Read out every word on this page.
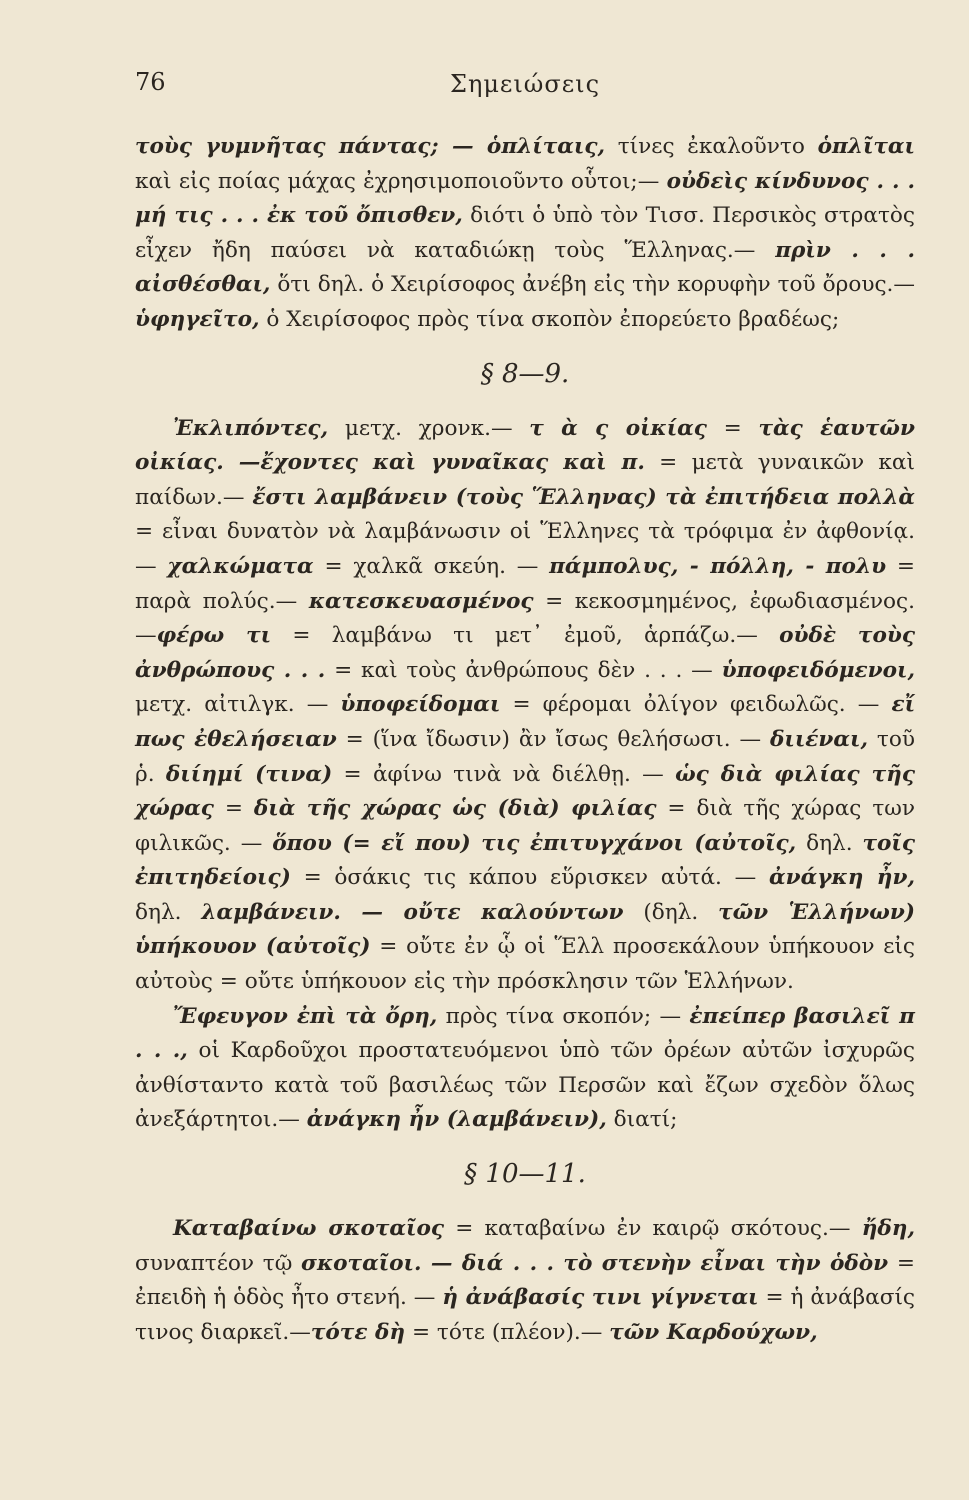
76	Σημειώσεις

τοὺς γυμνῆτας πάντας; — ὁπλίταις, τίνες ἐκαλοῦντο ὁπλῖται καὶ εἰς ποίας μάχας ἐχρησιμοποιοῦντο οὗτοι;— οὐδεὶς κίνδυνος . . . μή τις . . . ἐκ τοῦ ὄπισθεν, διότι ὁ ὑπὸ τὸν Τισσ. Περσικὸς στρατὸς εἶχεν ἤδη παύσει νὰ καταδιώκῃ τοὺς Ἕλληνας.— πρὶν . . . αἰσθέσθαι, ὅτι δηλ. ὁ Χειρίσοφος ἀνέβη εἰς τὴν κορυφὴν τοῦ ὄρους.— ὑφηγεῖτο, ὁ Χειρίσοφος πρὸς τίνα σκοπὸν ἐπορεύετο βραδέως;

§ 8—9.

Ἐκλιπόντες, μετχ. χρονκ.— τ ὰ ς οἰκίας = τὰς ἑαυτῶν οἰκίας. —ἔχοντες καὶ γυναῖκας καὶ π. = μετὰ γυναικῶν καὶ παίδων.— ἔστι λαμβάνειν (τοὺς Ἕλληνας) τὰ ἐπιτήδεια πολλὰ = εἶναι δυνατὸν νὰ λαμβάνωσιν οἱ Ἕλληνες τὰ τρόφιμα ἐν ἀφθονίᾳ.— χαλκώματα = χαλκᾶ σκεύη. — πάμπολυς, - πόλλη, - πολυ = παρὰ πολύς.— κατεσκευασμένος = κεκοσμημένος, ἐφωδιασμένος. —φέρω τι = λαμβάνω τι μετ᾽ ἐμοῦ, ἁρπάζω.— οὐδὲ τοὺς ἀνθρώπους . . . = καὶ τοὺς ἀνθρώπους δὲν . . . — ὑποφειδόμενοι, μετχ. αἰτιλγκ. — ὑποφείδομαι = φέρομαι ὀλίγον φειδωλῶς. — εἴ πως ἐθελήσειαν = (ἵνα ἴδωσιν) ἂν ἴσως θελήσωσι. — διιέναι, τοῦ ῥ. διίημί (τινα) = ἀφίνω τινὰ νὰ διέλθῃ. — ὡς διὰ φιλίας τῆς χώρας = διὰ τῆς χώρας ὡς (διὰ) φιλίας = διὰ τῆς χώρας των φιλικῶς. — ὅπου (= εἴ που) τις ἐπιτυγχάνοι (αὐτοῖς, δηλ. τοῖς ἐπιτηδείοις) = ὁσάκις τις κάπου εὕρισκεν αὐτά. — ἀνάγκη ἦν, δηλ. λαμβάνειν. — οὔτε καλούντων (δηλ. τῶν Ἑλλήνων) ὑπήκουον (αὐτοῖς) = οὔτε ἐν ᾧ οἱ Ἕλλ προσεκάλουν ὑπήκουον εἰς αὐτοὺς = οὔτε ὑπήκουον εἰς τὴν πρόσκλησιν τῶν Ἑλλήνων.

Ἔφευγον ἐπὶ τὰ ὄρη, πρὸς τίνα σκοπόν; — ἐπείπερ βασιλεῖ π . . ., οἱ Καρδοῦχοι προστατευόμενοι ὑπὸ τῶν ὀρέων αὐτῶν ἰσχυρῶς ἀνθίσταντο κατὰ τοῦ βασιλέως τῶν Περσῶν καὶ ἔζων σχεδὸν ὅλως ἀνεξάρτητοι.— ἀνάγκη ἦν (λαμβάνειν), διατί;

§ 10—11.

Καταβαίνω σκοταῖος = καταβαίνω ἐν καιρῷ σκότους.— ἤδη, συναπτέον τῷ σκοταῖοι. — διά . . . τὸ στενὴν εἶναι τὴν ὁδὸν = ἐπειδὴ ἡ ὁδὸς ἦτο στενή. — ἡ ἀνάβασίς τινι γίγνεται = ἡ ἀνάβασίς τινος διαρκεῖ.—τότε δὴ = τότε (πλέον).— τῶν Καρδούχων,
